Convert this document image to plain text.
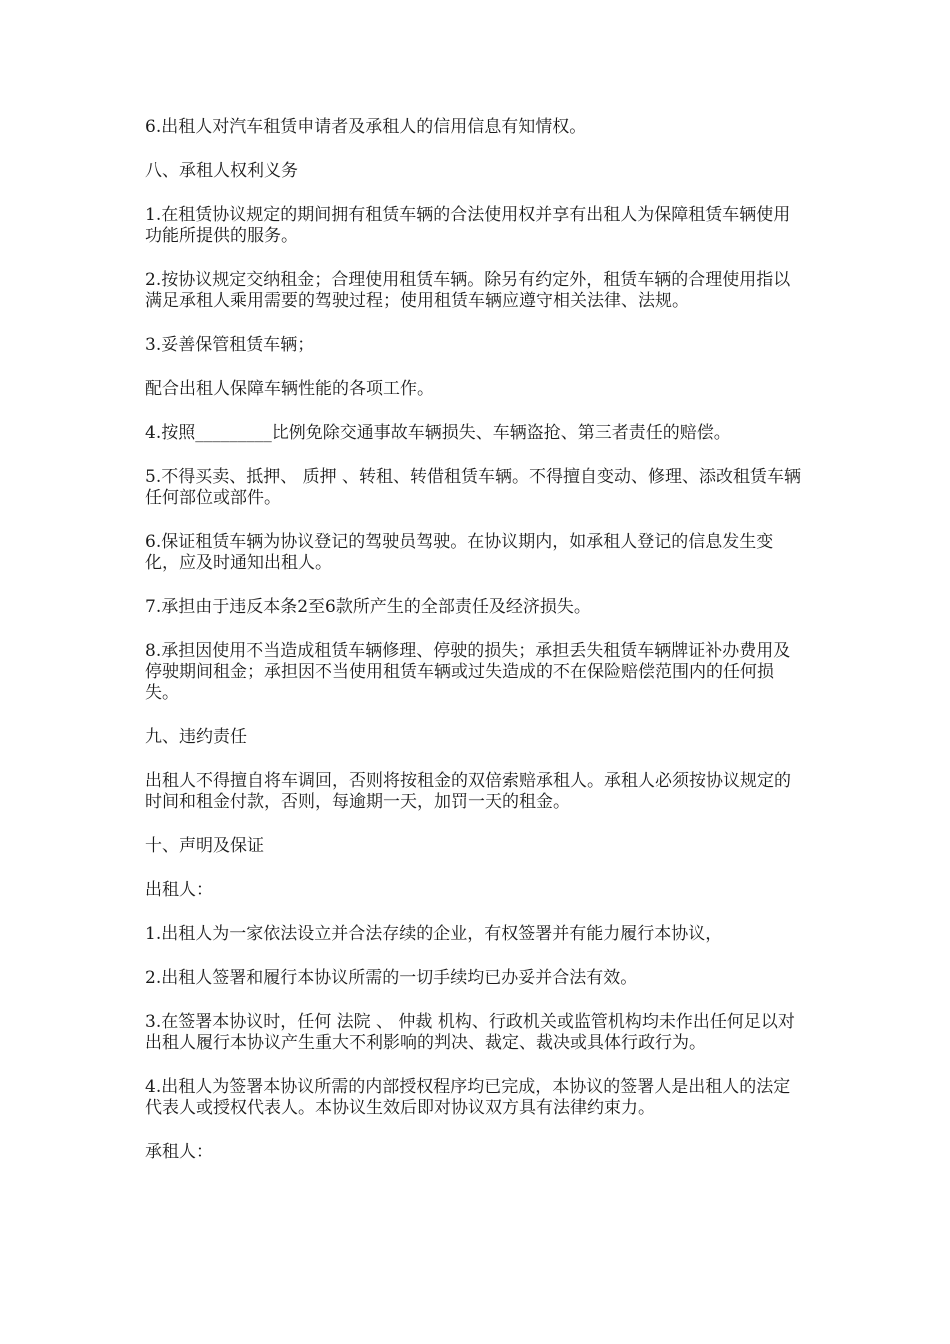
6.出租人对汽车租赁申请者及承租人的信用信息有知情权。

八、承租人权利义务

1.在租赁协议规定的期间拥有租赁车辆的合法使用权并享有出租人为保障租赁车辆使用功能所提供的服务。

2.按协议规定交纳租金；合理使用租赁车辆。除另有约定外，租赁车辆的合理使用指以满足承租人乘用需要的驾驶过程；使用租赁车辆应遵守相关法律、法规。

3.妥善保管租赁车辆；

配合出租人保障车辆性能的各项工作。

4.按照_________比例免除交通事故车辆损失、车辆盗抢、第三者责任的赔偿。

5.不得买卖、抵押、 质押 、转租、转借租赁车辆。不得擅自变动、修理、添改租赁车辆任何部位或部件。

6.保证租赁车辆为协议登记的驾驶员驾驶。在协议期内，如承租人登记的信息发生变化，应及时通知出租人。

7.承担由于违反本条2至6款所产生的全部责任及经济损失。

8.承担因使用不当造成租赁车辆修理、停驶的损失；承担丢失租赁车辆牌证补办费用及停驶期间租金；承担因不当使用租赁车辆或过失造成的不在保险赔偿范围内的任何损失。

九、违约责任

出租人不得擅自将车调回，否则将按租金的双倍索赔承租人。承租人必须按协议规定的时间和租金付款，否则，每逾期一天，加罚一天的租金。

十、声明及保证

出租人：

1.出租人为一家依法设立并合法存续的企业，有权签署并有能力履行本协议，

2.出租人签署和履行本协议所需的一切手续均已办妥并合法有效。

3.在签署本协议时，任何 法院 、 仲裁 机构、行政机关或监管机构均未作出任何足以对出租人履行本协议产生重大不利影响的判决、裁定、裁决或具体行政行为。

4.出租人为签署本协议所需的内部授权程序均已完成，本协议的签署人是出租人的法定代表人或授权代表人。本协议生效后即对协议双方具有法律约束力。

承租人：
